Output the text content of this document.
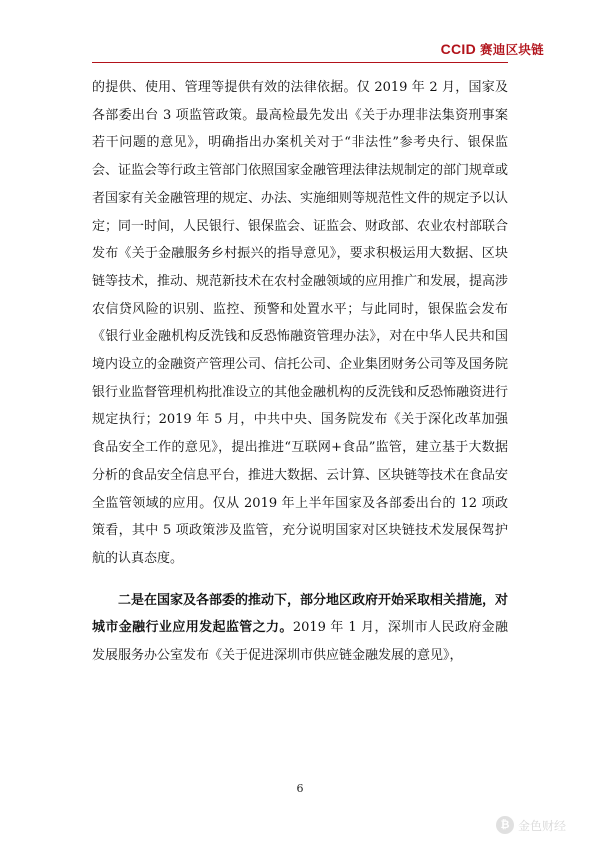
CCID 赛迪区块链

的提供、使用、管理等提供有效的法律依据。仅 2019 年 2 月，国家及各部委出台 3 项监管政策。最高检最先发出《关于办理非法集资刑事案若干问题的意见》，明确指出办案机关对于“非法性”参考央行、银保监会、证监会等行政主管部门依照国家金融管理法律法规制定的部门规章或者国家有关金融管理的规定、办法、实施细则等规范性文件的规定予以认定；同一时间，人民银行、银保监会、证监会、财政部、农业农村部联合发布《关于金融服务乡村振兴的指导意见》，要求积极运用大数据、区块链等技术，推动、规范新技术在农村金融领域的应用推广和发展，提高涉农信贷风险的识别、监控、预警和处置水平；与此同时，银保监会发布《银行业金融机构反洗钱和反恐怖融资管理办法》，对在中华人民共和国境内设立的金融资产管理公司、信托公司、企业集团财务公司等及国务院银行业监督管理机构批准设立的其他金融机构的反洗钱和反恐怖融资进行规定执行；2019 年 5 月，中共中央、国务院发布《关于深化改革加强食品安全工作的意见》，提出推进“互联网+食品”监管，建立基于大数据分析的食品安全信息平台，推进大数据、云计算、区块链等技术在食品安全监管领域的应用。仅从 2019 年上半年国家及各部委出台的 12 项政策看，其中 5 项政策涉及监管，充分说明国家对区块链技术发展保驾护航的认真态度。

二是在国家及各部委的推动下，部分地区政府开始采取相关措施，对城市金融行业应用发起监管之力。2019 年 1 月，深圳市人民政府金融发展服务办公室发布《关于促进深圳市供应链金融发展的意见》，

6
₿ 金色财经
